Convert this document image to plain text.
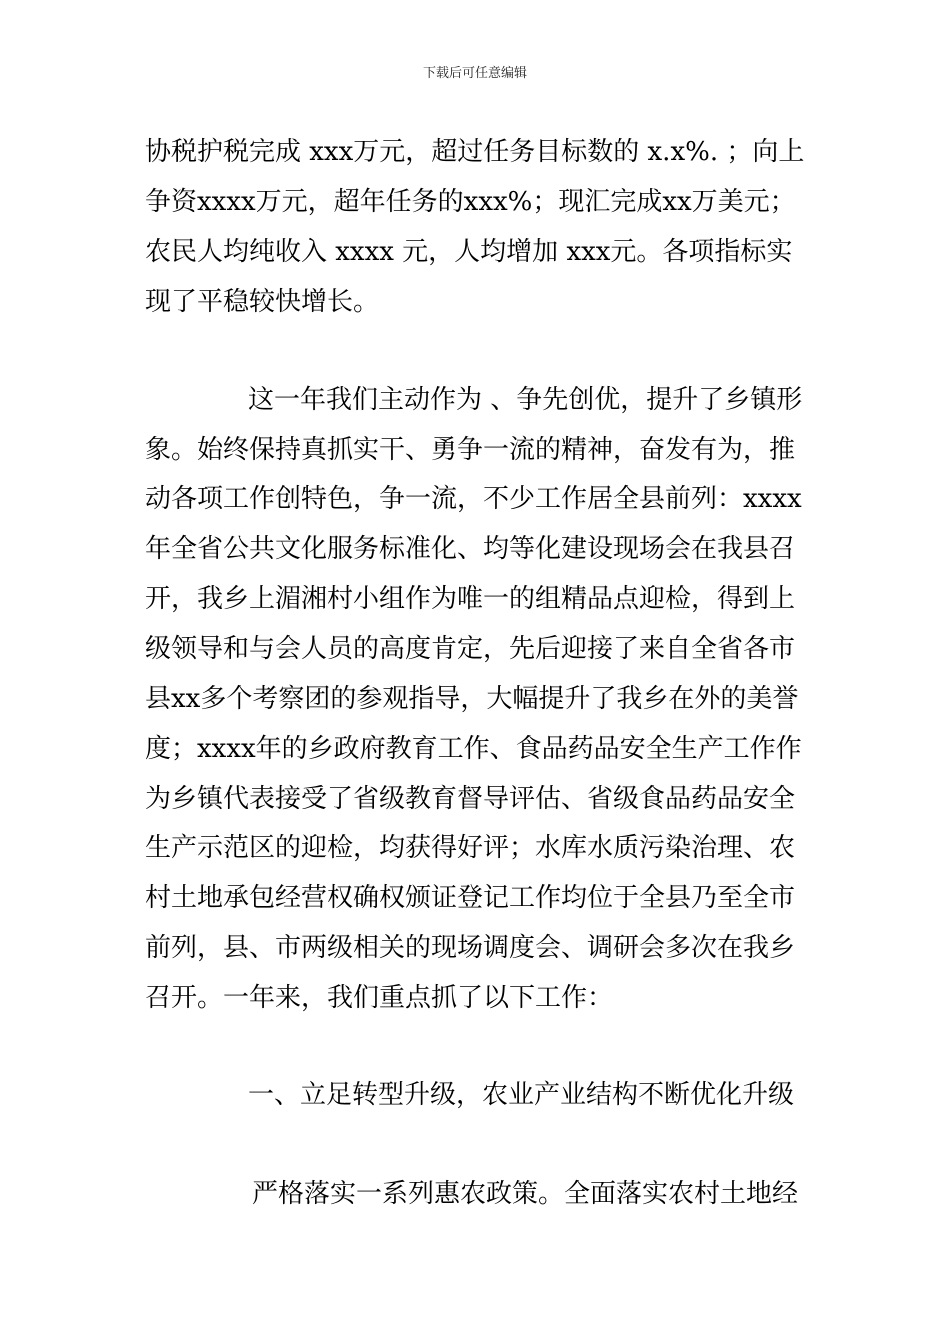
下载后可任意编辑
协税护税完成 xxx万元，超过任务目标数的 x.x%. ；向上
争资xxxx万元，超年任务的xxx%；现汇完成xx万美元；
农民人均纯收入 xxxx 元，人均增加 xxx元。各项指标实
现了平稳较快增长。
这一年我们主动作为 、争先创优，提升了乡镇形
象。始终保持真抓实干、勇争一流的精神，奋发有为，推
动各项工作创特色，争一流，不少工作居全县前列：xxxx
年全省公共文化服务标准化、均等化建设现场会在我县召
开，我乡上湄湘村小组作为唯一的组精品点迎检，得到上
级领导和与会人员的高度肯定，先后迎接了来自全省各市
县xx多个考察团的参观指导，大幅提升了我乡在外的美誉
度；xxxx年的乡政府教育工作、食品药品安全生产工作作
为乡镇代表接受了省级教育督导评估、省级食品药品安全
生产示范区的迎检，均获得好评；水库水质污染治理、农
村土地承包经营权确权颁证登记工作均位于全县乃至全市
前列，县、市两级相关的现场调度会、调研会多次在我乡
召开。一年来，我们重点抓了以下工作：
一、立足转型升级，农业产业结构不断优化升级
严格落实一系列惠农政策。全面落实农村土地经
